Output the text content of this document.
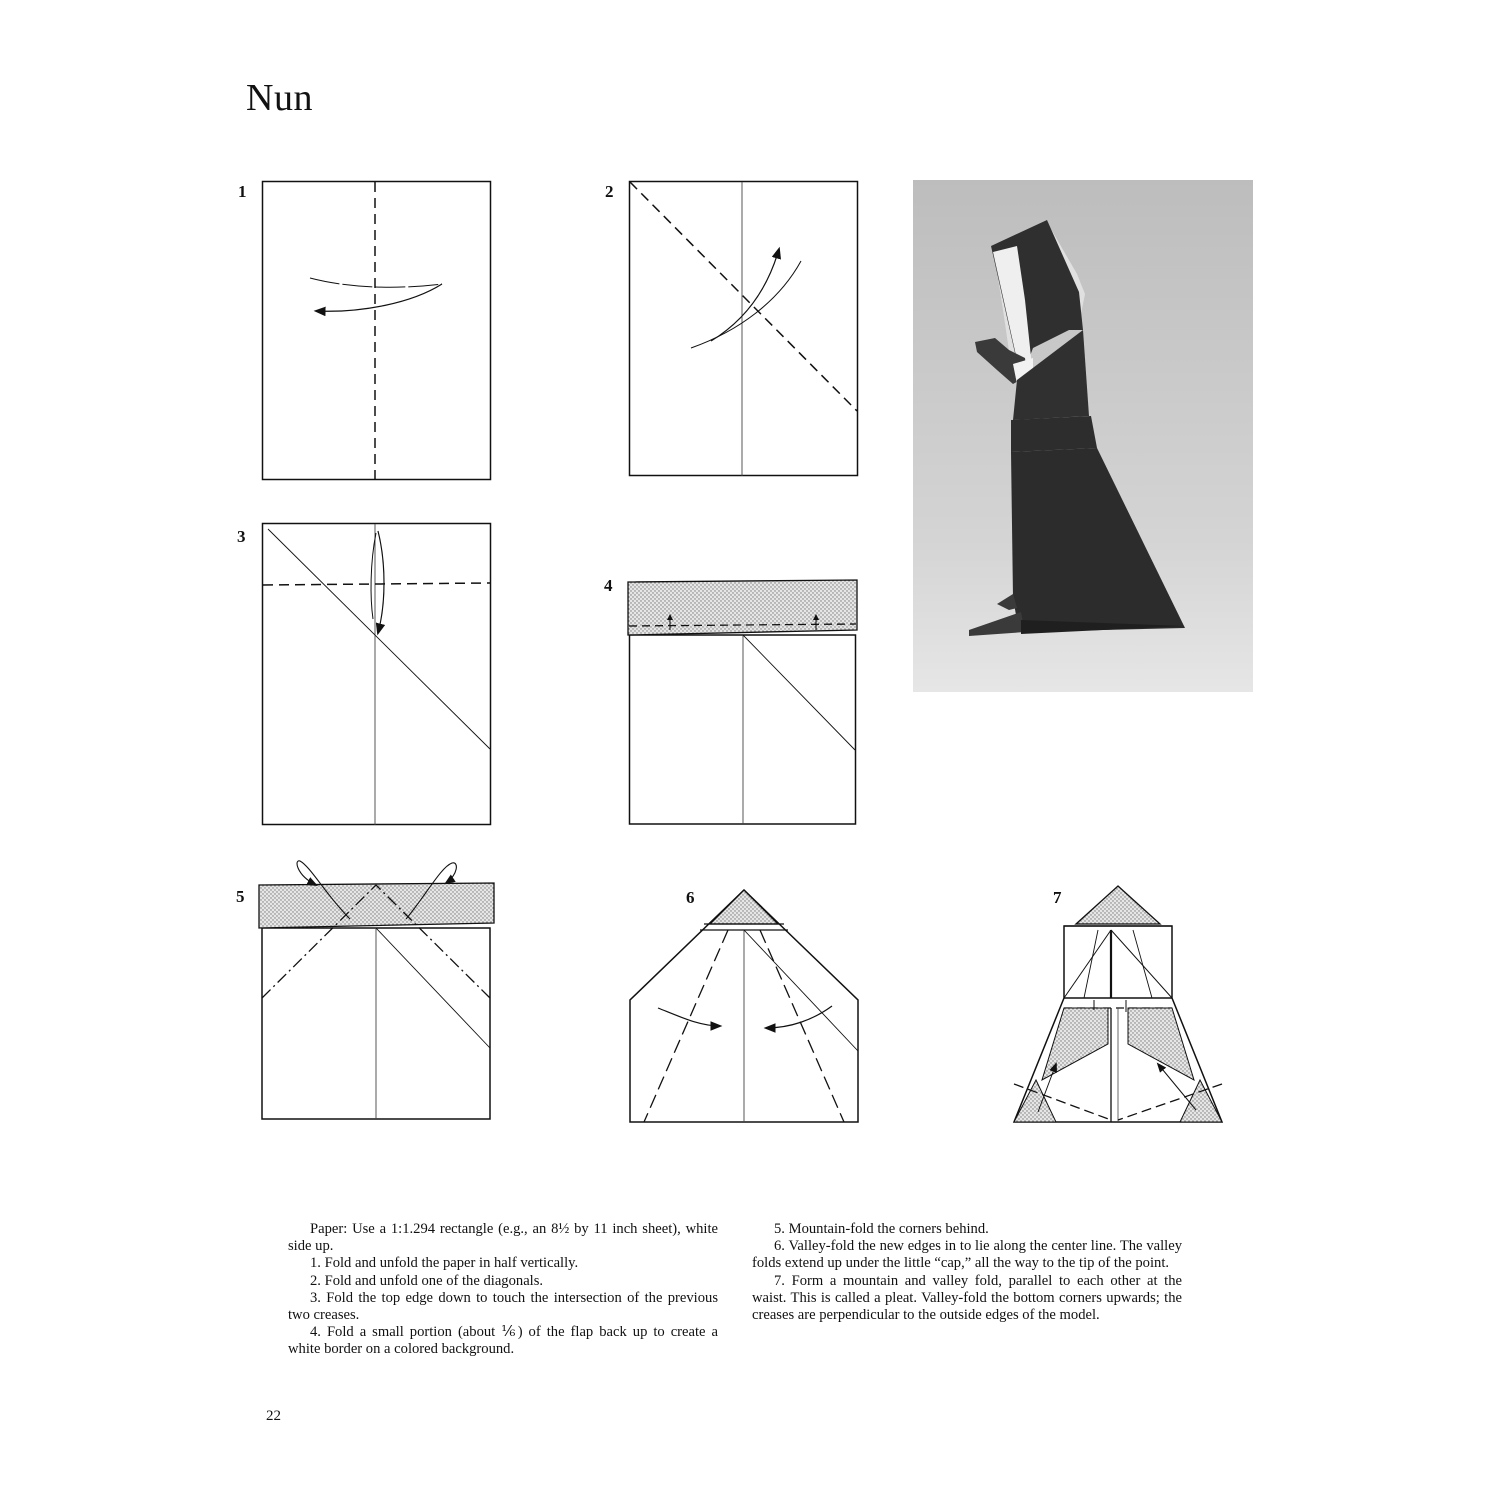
Nun
1	2
3
4
5	6	7

Paper: Use a 1:1.294 rectangle (e.g., an 8½ by 11 inch sheet), white side up.

1. Fold and unfold the paper in half vertically.

2. Fold and unfold one of the diagonals.

3. Fold the top edge down to touch the intersection of the previous two creases.

4. Fold a small portion (about ⅙) of the flap back up to create a white border on a colored background.

5. Mountain-fold the corners behind.

6. Valley-fold the new edges in to lie along the center line. The valley folds extend up under the little “cap,” all the way to the tip of the point.

7. Form a mountain and valley fold, parallel to each other at the waist. This is called a pleat. Valley-fold the bottom corners upwards; the creases are perpendicular to the outside edges of the model.

22
